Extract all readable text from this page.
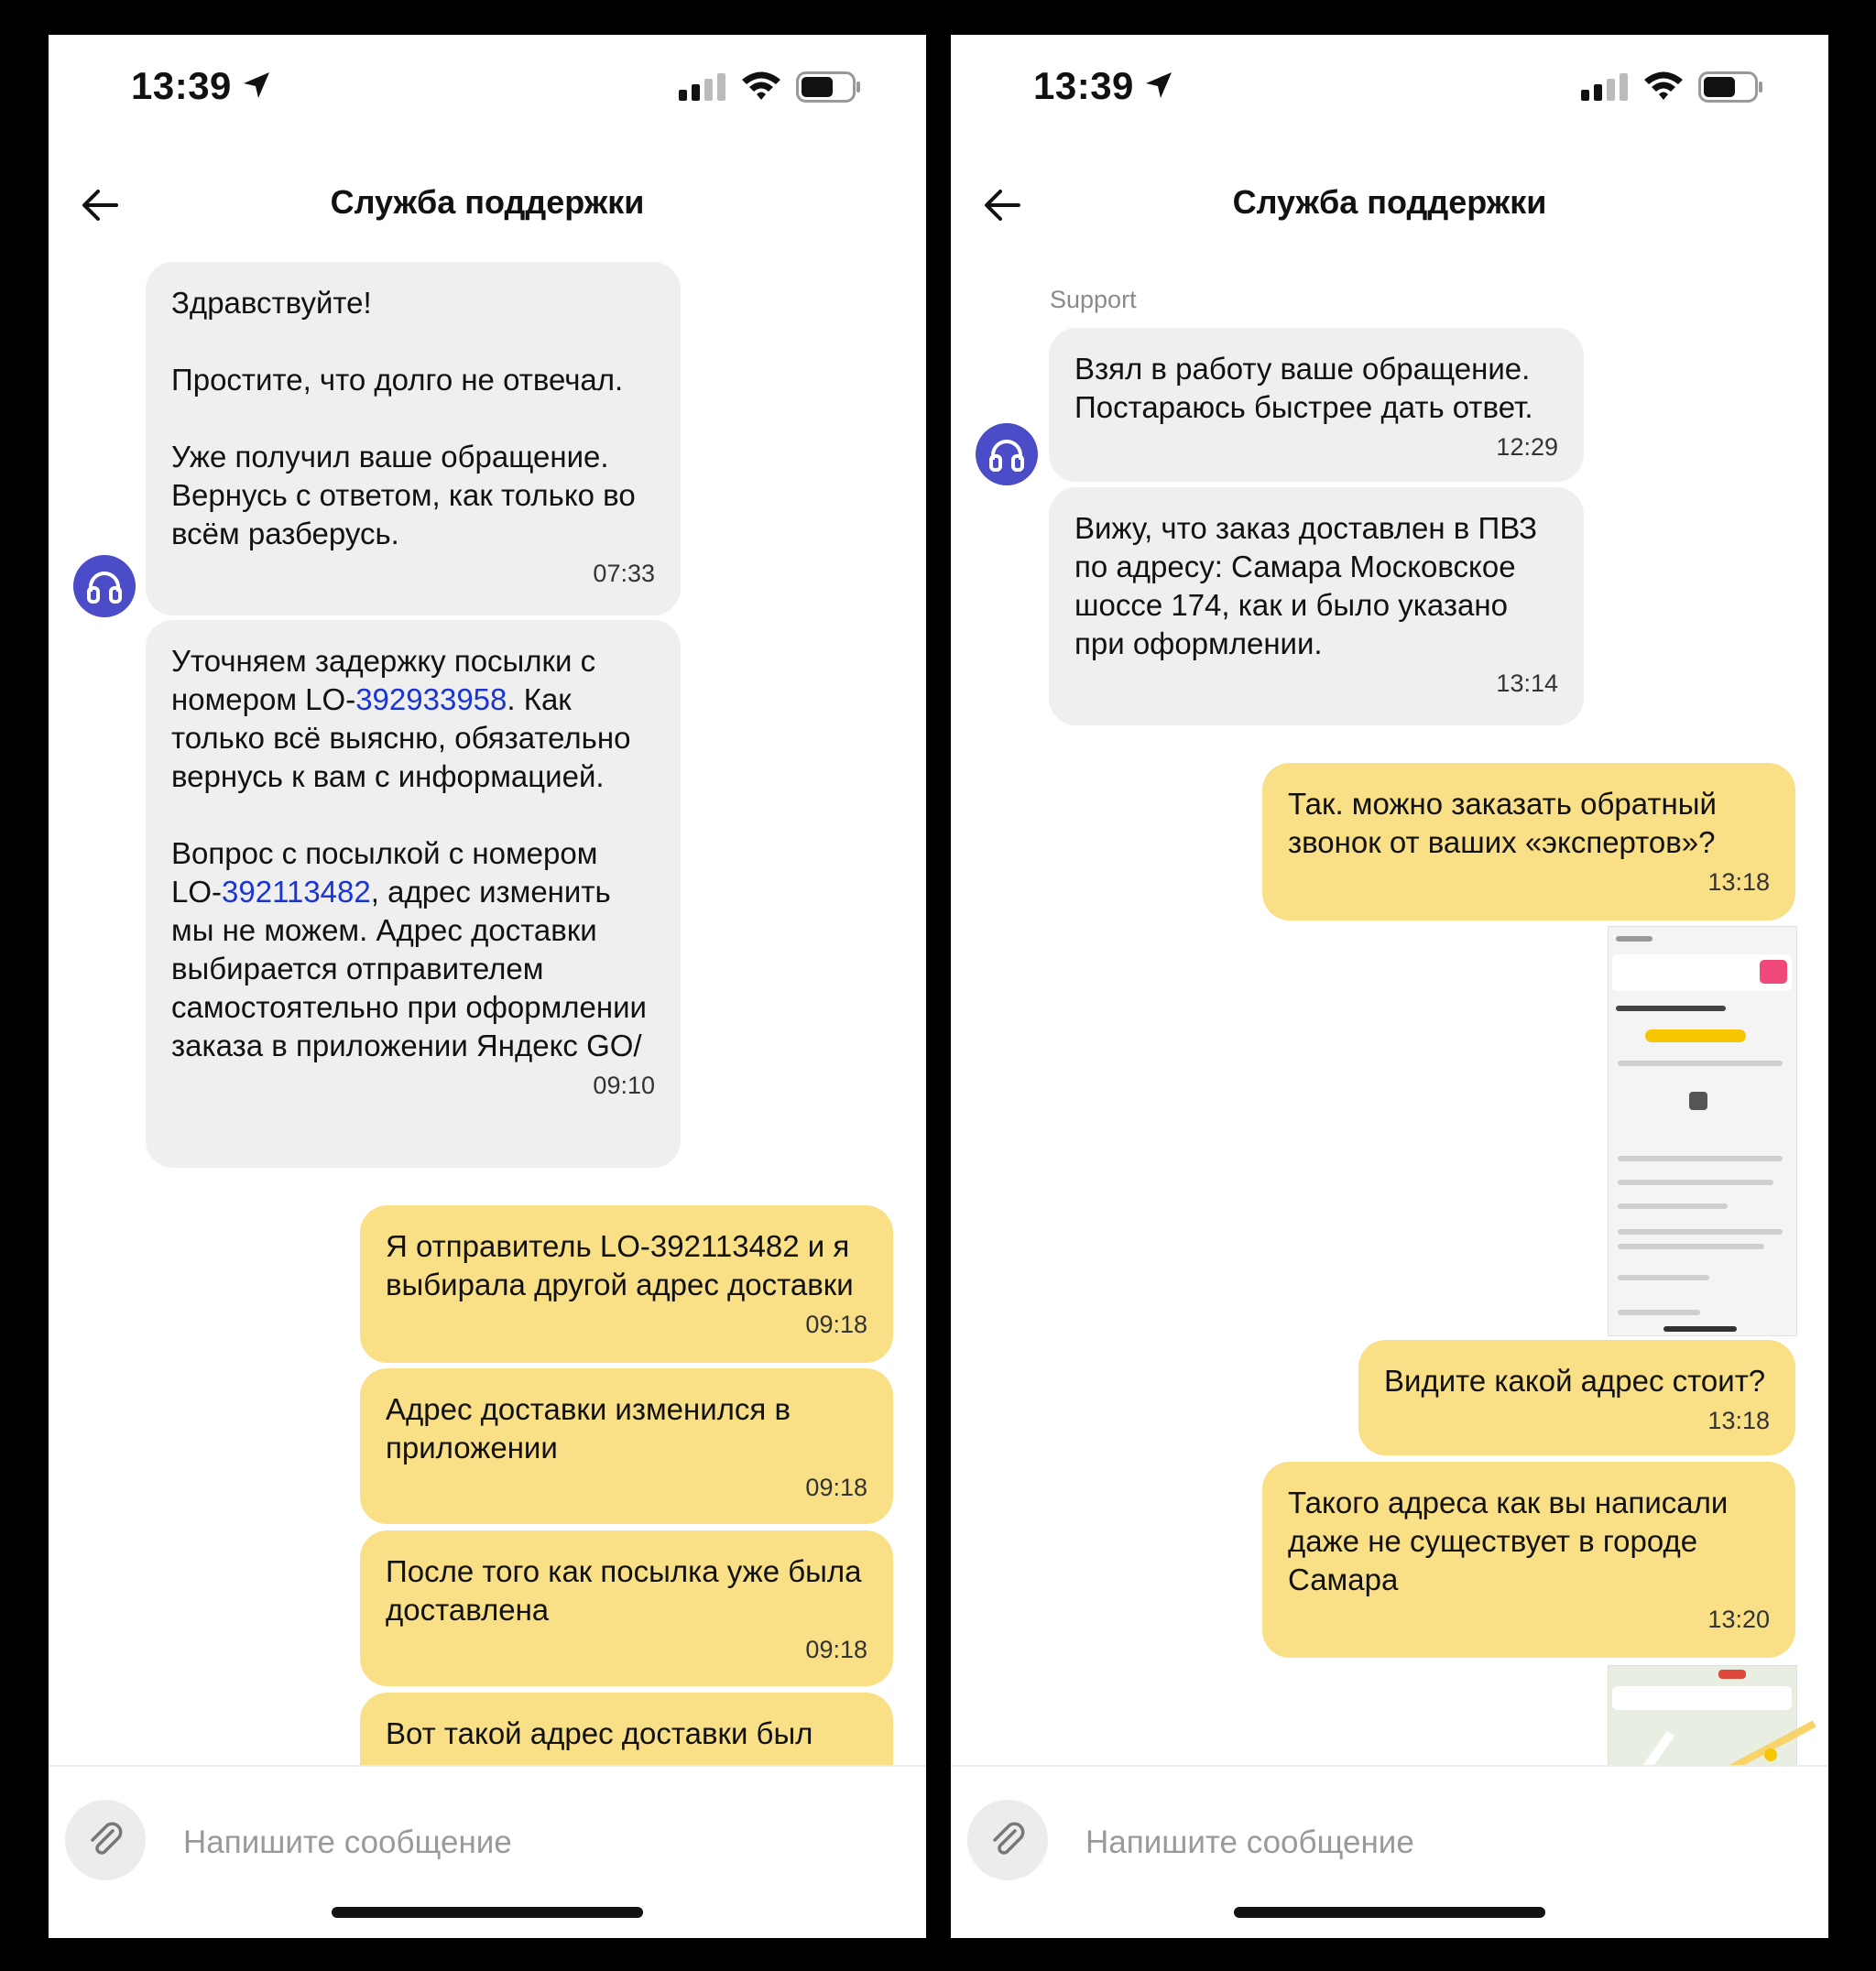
13:39
Служба поддержки
Здравствуйте!

Простите, что долго не отвечал.

Уже получил ваше обращение. Вернусь с ответом, как только во всём разберусь.
07:33
Уточняем задержку посылки с номером LO-392933958. Как только всё выясню, обязательно вернусь к вам с информацией.

Вопрос с посылкой с номером LO-392113482, адрес изменить мы не можем. Адрес доставки выбирается отправителем самостоятельно при оформлении заказа в приложении Яндекс GO/
09:10
Я отправитель LO-392113482 и я выбирала другой адрес доставки
09:18
Адрес доставки изменился в приложении
09:18
После того как посылка уже была доставлена
09:18
Вот такой адрес доставки был
Напишите сообщение
13:39
Служба поддержки
Support
Взял в работу ваше обращение. Постараюсь быстрее дать ответ.
12:29
Вижу, что заказ доставлен в ПВЗ по адресу: Самара Московское шоссе 174, как и было указано при оформлении.
13:14
Так. можно заказать обратный звонок от ваших «экспертов»?
13:18
Видите какой адрес стоит?
13:18
Такого адреса как вы написали даже не существует в городе Самара
13:20
Напишите сообщение
